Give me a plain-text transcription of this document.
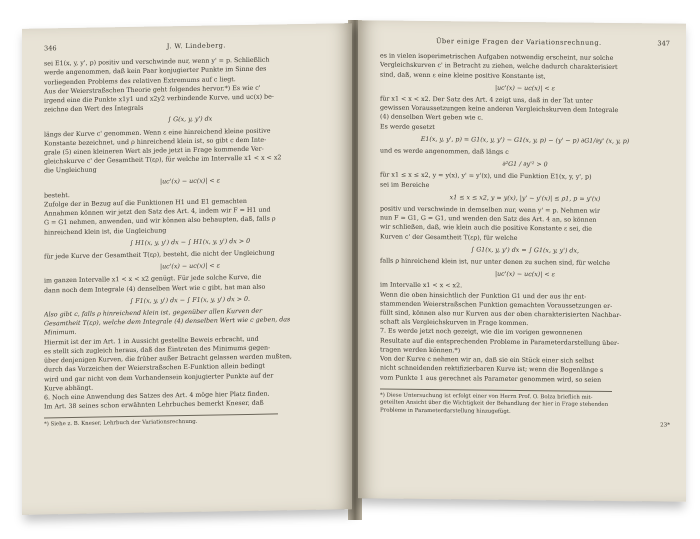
346	J. W. Lindeberg.
sei E1(x, y, y', p) positiv und verschwinde nur, wenn y' = p. Schließlich
werde angenommen, daß kein Paar konjugierter Punkte im Sinne des
vorliegenden Problems des relativen Extremums auf c liegt.
Aus der Weierstraßschen Theorie geht folgendes hervor.*) Es wie c'
irgend eine die Punkte x1y1 und x2y2 verbindende Kurve, und uc(x) be-
zeichne den Wert des Integrals
∫ G(x, y, y') dx
längs der Kurve c' genommen. Wenn ε eine hinreichend kleine positive
Konstante bezeichnet, und ρ hinreichend klein ist, so gibt c dem Inte-
grale (5) einen kleineren Wert als jede jetzt in Frage kommende Ver-
gleichskurve c' der Gesamtheit T(ερ), für welche im Intervalle x1 < x < x2
die Ungleichung
|uc'(x) − uc(x)| < ε
besteht.
Zufolge der in Bezug auf die Funktionen H1 und E1 gemachten
Annahmen können wir jetzt den Satz des Art. 4, indem wir F = H1 und
G = G1 nehmen, anwenden, und wir können also behaupten, daß, falls ρ
hinreichend klein ist, die Ungleichung
∫ H1(x, y, y') dx − ∫ H1(x, y, y') dx > 0
für jede Kurve der Gesamtheit T(ερ), besteht, die nicht der Ungleichung
|uc'(x) − uc(x)| < ε
im ganzen Intervalle x1 < x < x2 genügt. Für jede solche Kurve, die
dann noch dem Integrale (4) denselben Wert wie c gibt, hat man also
∫ F1(x, y, y') dx − ∫ F1(x, y, y') dx > 0.
Also gibt c, falls ρ hinreichend klein ist, gegenüber allen Kurven der
Gesamtheit T(ερ), welche dem Integrale (4) denselben Wert wie c geben, das
Minimum.
Hiermit ist der im Art. 1 in Aussicht gestellte Beweis erbracht, und
es stellt sich zugleich heraus, daß das Eintreten des Minimums gegen-
über denjenigen Kurven, die früher außer Betracht gelassen werden mußten,
durch das Vorzeichen der Weierstraßschen E-Funktion allein bedingt
wird und gar nicht von dem Vorhandensein konjugierter Punkte auf der
Kurve abhängt.
6. Noch eine Anwendung des Satzes des Art. 4 möge hier Platz finden.
Im Art. 38 seines schon erwähnten Lehrbuches bemerkt Kneser, daß
*) Siehe z. B. Kneser, Lehrbuch der Variationsrechnung.
Über einige Fragen der Variationsrechnung.	347
es in vielen isoperimetrischen Aufgaben notwendig erscheint, nur solche
Vergleichskurven c' in Betracht zu ziehen, welche dadurch charakterisiert
sind, daß, wenn ε eine kleine positive Konstante ist,
|uc'(x) − uc(x)| < ε
für x1 < x < x2. Der Satz des Art. 4 zeigt uns, daß in der Tat unter
gewissen Voraussetzungen keine anderen Vergleichskurven dem Integrale
(4) denselben Wert geben wie c.
Es werde gesetzt
E1(x, y, y', p) = G1(x, y, y') − G1(x, y, p) − (y' − p) ∂G1/∂y' (x, y, p)
und es werde angenommen, daß längs c
∂²G1 / ∂y'² > 0
für x1 ≤ x ≤ x2, y = y(x), y' = y'(x), und die Funktion E1(x, y, y', p)
sei im Bereiche
x1 ≤ x ≤ x2, y = y(x), |y' − y'(x)| ≤ ρ1, p = y'(x)
positiv und verschwinde in demselben nur, wenn y' = p. Nehmen wir
nun F = G1, G = G1, und wenden den Satz des Art. 4 an, so können
wir schließen, daß, wie klein auch die positive Konstante ε sei, die
Kurven c' der Gesamtheit T(ερ), für welche
∫ G1(x, y, y') dx = ∫ G1(x, y, y') dx,
falls ρ hinreichend klein ist, nur unter denen zu suchen sind, für welche
|uc'(x) − uc(x)| < ε
im Intervalle x1 < x < x2.
Wenn die oben hinsichtlich der Funktion G1 und der aus ihr ent-
stammenden Weierstraßschen Funktion gemachten Voraussetzungen er-
füllt sind, können also nur Kurven aus der oben charakterisierten Nachbar-
schaft als Vergleichskurven in Frage kommen.
7. Es werde jetzt noch gezeigt, wie die im vorigen gewonnenen
Resultate auf die entsprechenden Probleme in Parameterdarstellung über-
tragen werden können.*)
Von der Kurve c nehmen wir an, daß sie ein Stück einer sich selbst
nicht schneidenden rektifizierbaren Kurve ist; wenn die Bogenlänge s
vom Punkte 1 aus gerechnet als Parameter genommen wird, so seien
*) Diese Untersuchung ist erfolgt einer von Herrn Prof. O. Bolza brieflich mit-
geteilten Ansicht über die Wichtigkeit der Behandlung der hier in Frage stehenden
Probleme in Parameterdarstellung hinzugefügt.
23*
